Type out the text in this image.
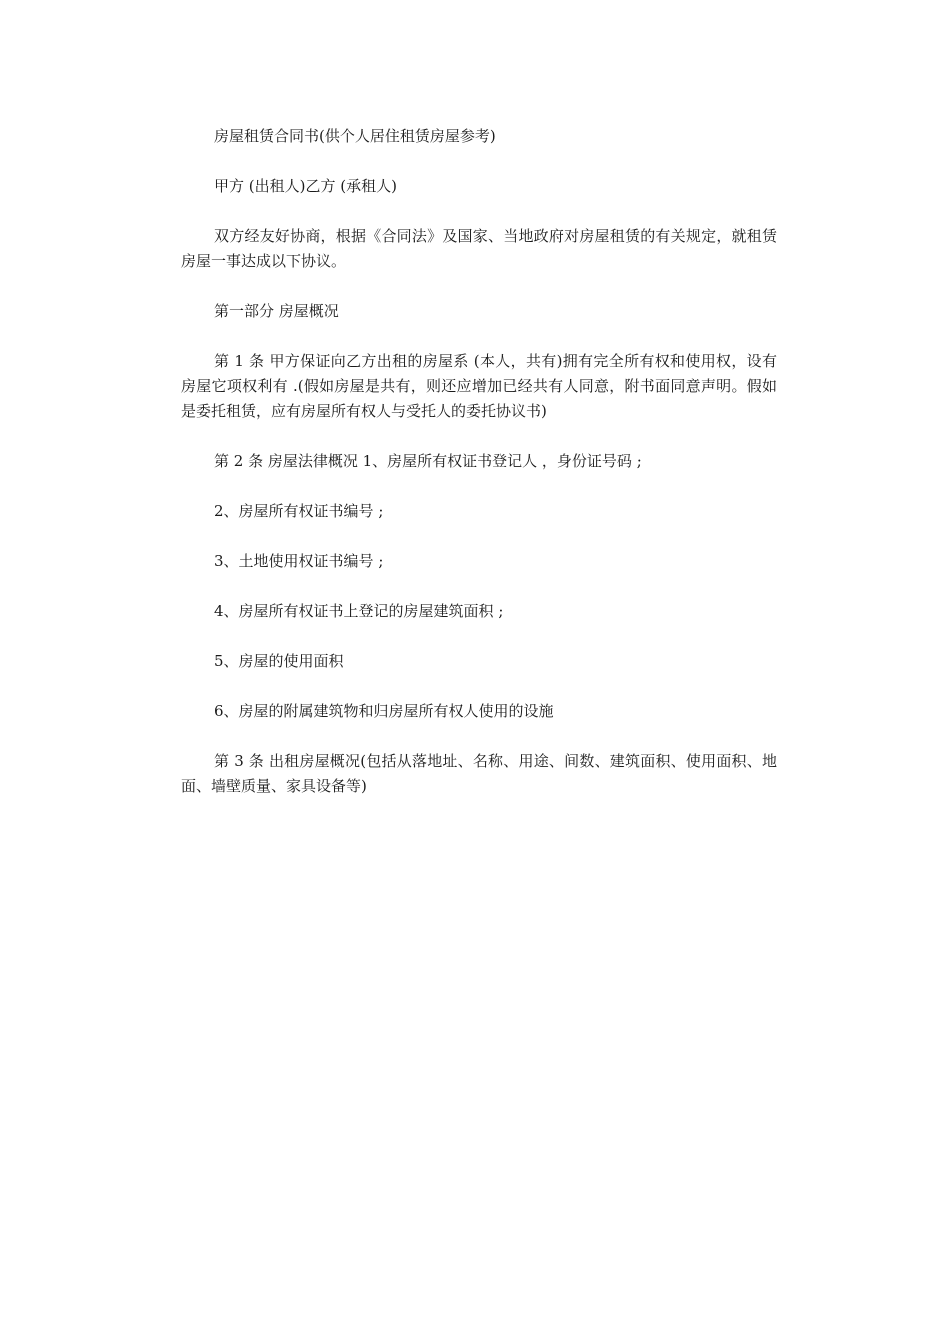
房屋租赁合同书(供个人居住租赁房屋参考)

甲方 (出租人)乙方 (承租人)

双方经友好协商，根据《合同法》及国家、当地政府对房屋租赁的有关规定，就租赁房屋一事达成以下协议。

第一部分 房屋概况

第 1 条 甲方保证向乙方出租的房屋系 (本人，共有)拥有完全所有权和使用权，设有房屋它项权利有 .(假如房屋是共有，则还应增加已经共有人同意，附书面同意声明。假如是委托租赁，应有房屋所有权人与受托人的委托协议书)

第 2 条 房屋法律概况 1、房屋所有权证书登记人 ，身份证号码 ;

2、房屋所有权证书编号 ;

3、土地使用权证书编号 ;

4、房屋所有权证书上登记的房屋建筑面积 ;

5、房屋的使用面积

6、房屋的附属建筑物和归房屋所有权人使用的设施

第 3 条 出租房屋概况(包括从落地址、名称、用途、间数、建筑面积、使用面积、地面、墙壁质量、家具设备等)
